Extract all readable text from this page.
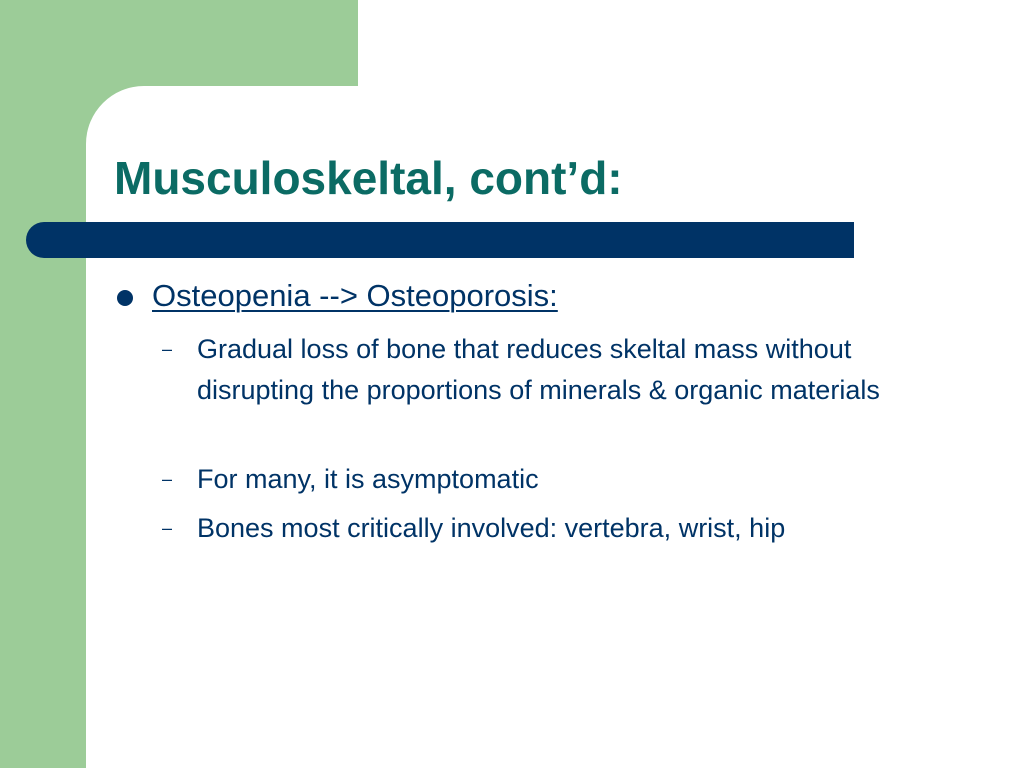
Musculoskeltal, cont’d:
Osteopenia --> Osteoporosis:
– Gradual loss of bone that reduces skeltal mass without disrupting the proportions of minerals & organic materials
– For many, it is asymptomatic
– Bones most critically involved: vertebra, wrist, hip
